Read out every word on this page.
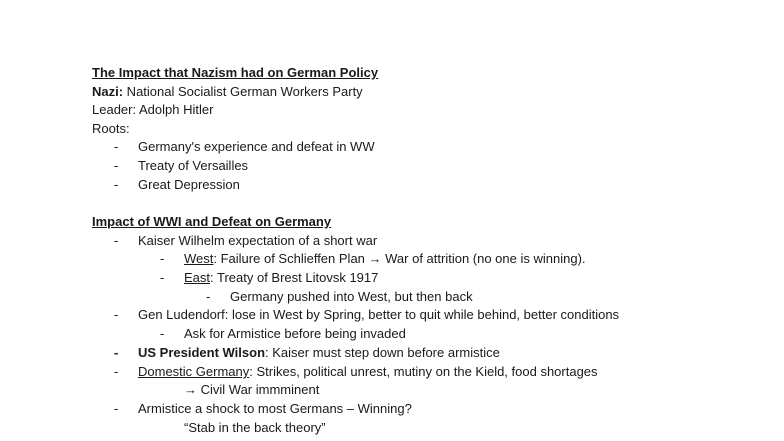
The Impact that Nazism had on German Policy
Nazi: National Socialist German Workers Party
Leader: Adolph Hitler
Roots:
- Germany's experience and defeat in WW
- Treaty of Versailles
- Great Depression
Impact of WWI and Defeat on Germany
- Kaiser Wilhelm expectation of a short war
- West: Failure of Schlieffen Plan → War of attrition (no one is winning).
- East: Treaty of Brest Litovsk 1917
- Germany pushed into West, but then back
- Gen Ludendorf: lose in West by Spring, better to quit while behind, better conditions
- Ask for Armistice before being invaded
- US President Wilson: Kaiser must step down before armistice
- Domestic Germany: Strikes, political unrest, mutiny on the Kield, food shortages
→ Civil War immminent
- Armistice a shock to most Germans – Winning?
“Stab in the back theory”
